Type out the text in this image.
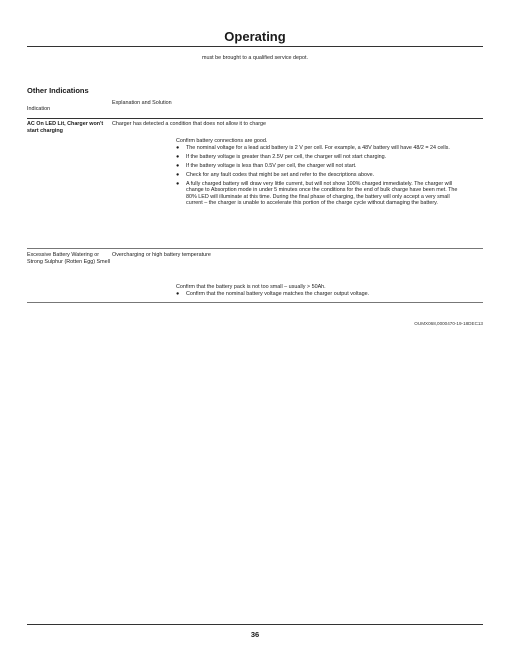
Operating
must be brought to a qualified service depot.
Other Indications
Indication
Explanation and Solution
AC On LED Lit, Charger won't start charging
Charger has detected a condition that does not allow it to charge
Confirm battery connections are good.
● The nominal voltage for a lead acid battery is 2 V per cell. For example, a 48V battery will have 48/2 = 24 cells.
● If the battery voltage is greater than 2.5V per cell, the charger will not start charging.
● If the battery voltage is less than 0.5V per cell, the charger will not start.
● Check for any fault codes that might be set and refer to the descriptions above.
● A fully charged battery will draw very little current, but will not show 100% charged immediately. The charger will change to Absorption mode in under 5 minutes once the conditions for the end of bulk charge have been met. The 80% LED will illuminate at this time. During the final phase of charging, the battery will only accept a very small current – the charger is unable to accelerate this portion of the charge cycle without damaging the battery.
Excessive Battery Watering or Strong Sulphur (Rotten Egg) Smell
Overcharging or high battery temperature
Confirm that the battery pack is not too small – usually > 50Ah.
● Confirm that the nominal battery voltage matches the charger output voltage.
OUMX068,0000470-19-18DEC13
36
